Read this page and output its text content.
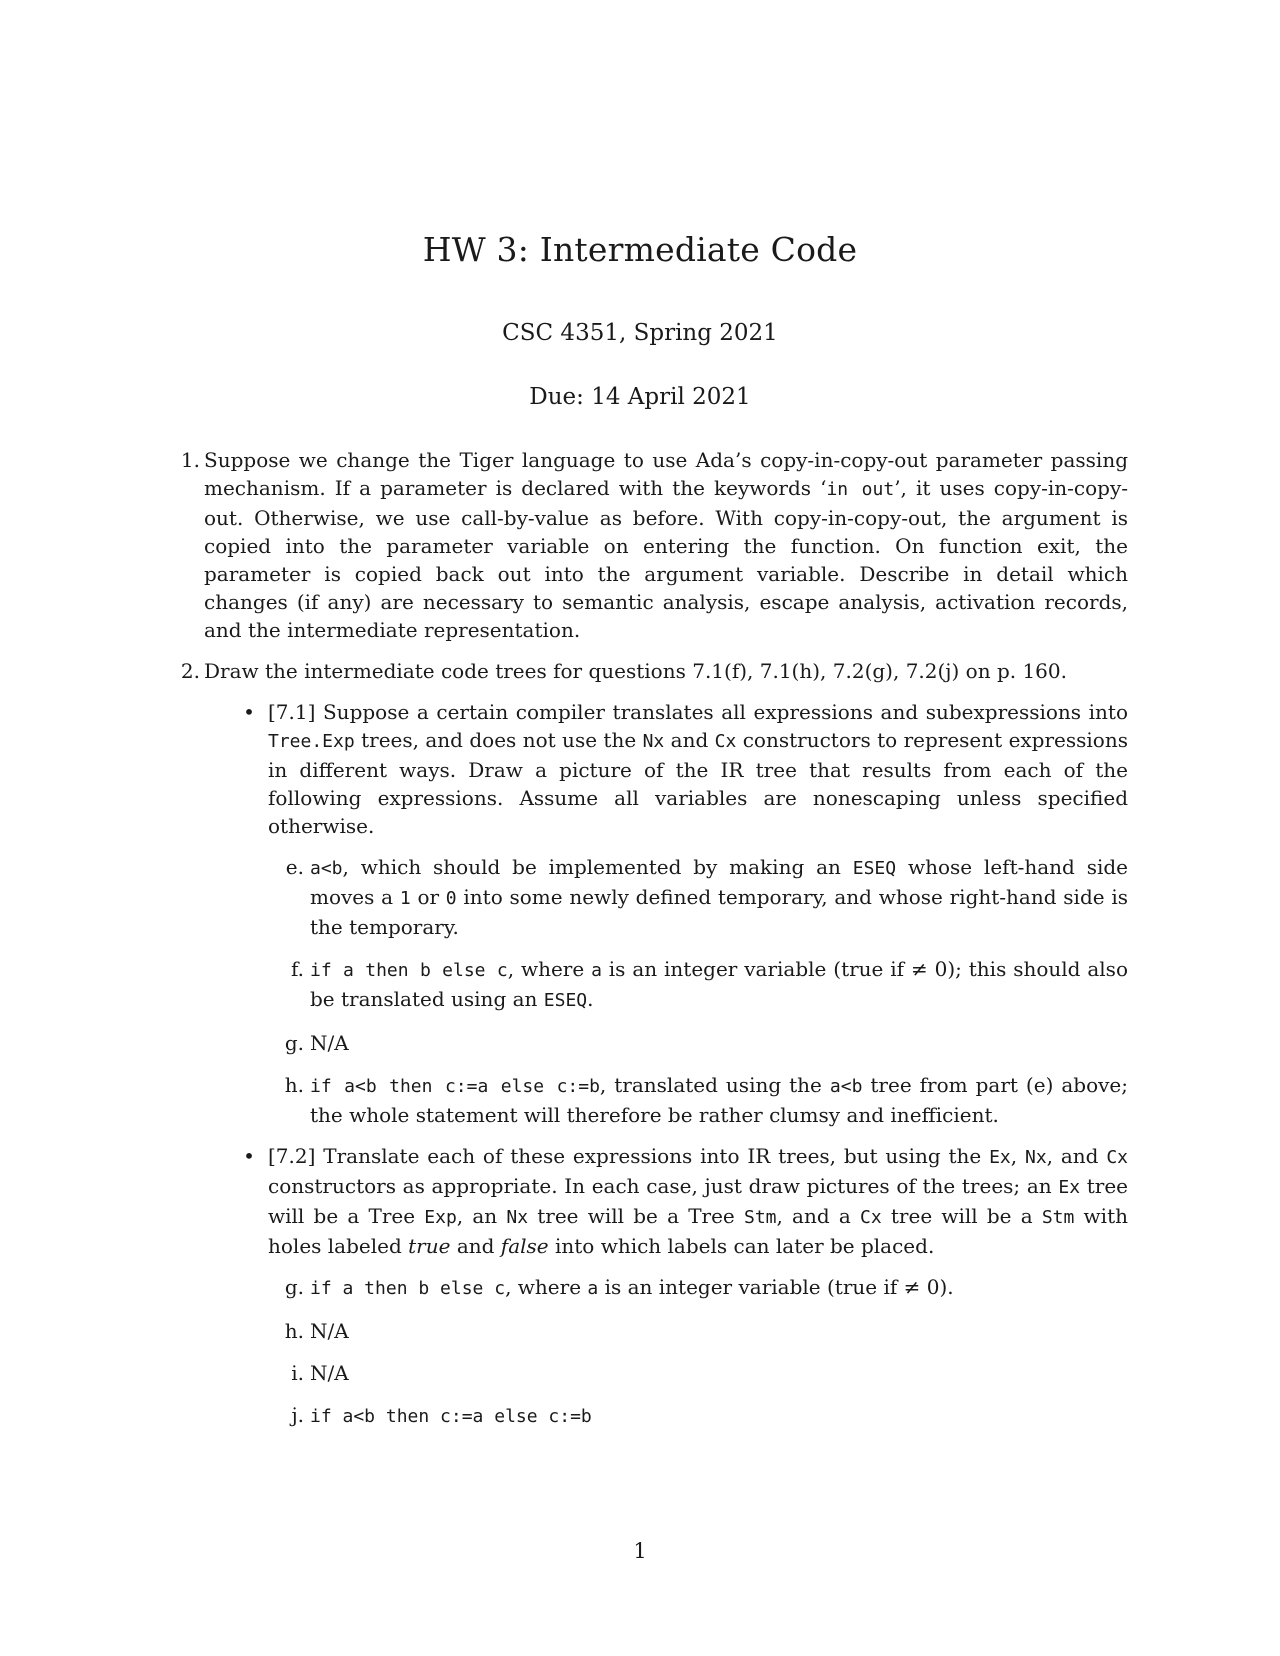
HW 3: Intermediate Code
CSC 4351, Spring 2021
Due: 14 April 2021
1. Suppose we change the Tiger language to use Ada’s copy-in-copy-out parameter passing mechanism. If a parameter is declared with the keywords ‘in out’, it uses copy-in-copy-out. Otherwise, we use call-by-value as before. With copy-in-copy-out, the argument is copied into the parameter variable on entering the function. On function exit, the parameter is copied back out into the argument variable. Describe in detail which changes (if any) are necessary to semantic analysis, escape analysis, activation records, and the intermediate representation.
2. Draw the intermediate code trees for questions 7.1(f), 7.1(h), 7.2(g), 7.2(j) on p. 160.
• [7.1] Suppose a certain compiler translates all expressions and subexpressions into Tree.Exp trees, and does not use the Nx and Cx constructors to represent expressions in different ways. Draw a picture of the IR tree that results from each of the following expressions. Assume all variables are nonescaping unless specified otherwise.
e. a<b, which should be implemented by making an ESEQ whose left-hand side moves a 1 or 0 into some newly defined temporary, and whose right-hand side is the temporary.
f. if a then b else c, where a is an integer variable (true if ≠ 0); this should also be translated using an ESEQ.
g. N/A
h. if a<b then c:=a else c:=b, translated using the a<b tree from part (e) above; the whole statement will therefore be rather clumsy and inefficient.
• [7.2] Translate each of these expressions into IR trees, but using the Ex, Nx, and Cx constructors as appropriate. In each case, just draw pictures of the trees; an Ex tree will be a Tree Exp, an Nx tree will be a Tree Stm, and a Cx tree will be a Stm with holes labeled true and false into which labels can later be placed.
g. if a then b else c, where a is an integer variable (true if ≠ 0).
h. N/A
i. N/A
j. if a<b then c:=a else c:=b
1
